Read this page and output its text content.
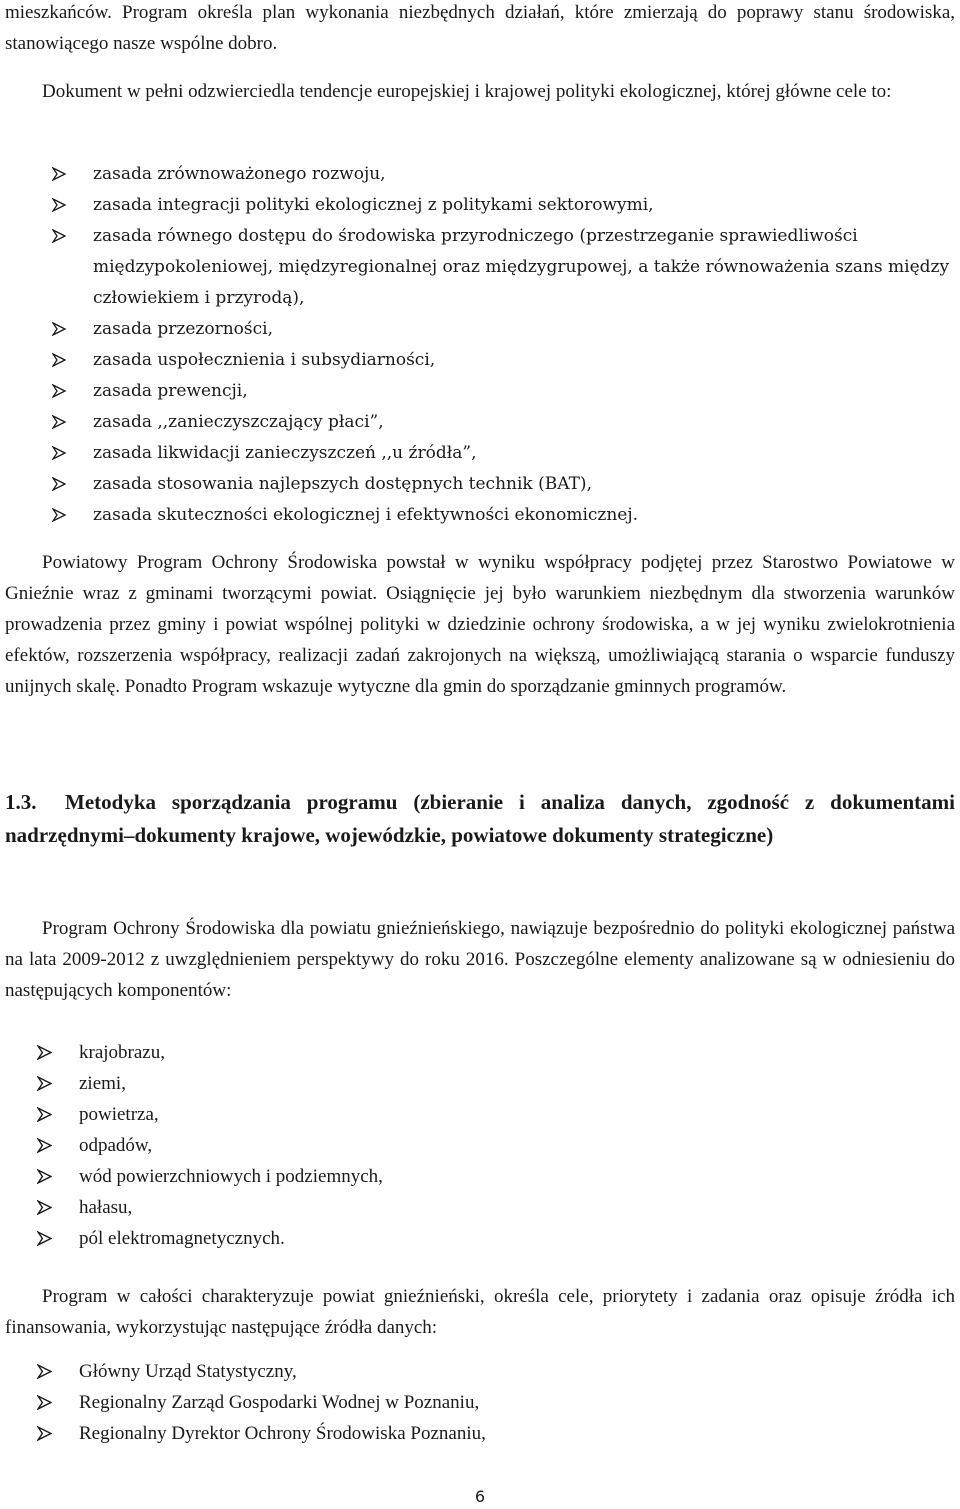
mieszkańców. Program określa plan wykonania niezbędnych działań, które zmierzają do poprawy stanu środowiska, stanowiącego nasze wspólne dobro.

Dokument w pełni odzwierciedla tendencje europejskiej i krajowej polityki ekologicznej, której główne cele to:

zasada zrównoważonego rozwoju,
zasada integracji polityki ekologicznej z politykami sektorowymi,
zasada równego dostępu do środowiska przyrodniczego (przestrzeganie sprawiedliwości międzypokoleniowej, międzyregionalnej oraz międzygrupowej, a także równoważenia szans między człowiekiem i przyrodą),
zasada przezorności,
zasada uspołecznienia i subsydiarności,
zasada prewencji,
zasada ,,zanieczyszczający płaci”,
zasada likwidacji zanieczyszczeń ,,u źródła”,
zasada stosowania najlepszych dostępnych technik (BAT),
zasada skuteczności ekologicznej i efektywności ekonomicznej.

Powiatowy Program Ochrony Środowiska powstał w wyniku współpracy podjętej przez Starostwo Powiatowe w Gnieźnie wraz z gminami tworzącymi powiat. Osiągnięcie jej było warunkiem niezbędnym dla stworzenia warunków prowadzenia przez gminy i powiat wspólnej polityki w dziedzinie ochrony środowiska, a w jej wyniku zwielokrotnienia efektów, rozszerzenia współpracy, realizacji zadań zakrojonych na większą, umożliwiającą starania o wsparcie funduszy unijnych skalę. Ponadto Program wskazuje wytyczne dla gmin do sporządzanie gminnych programów.

1.3. Metodyka sporządzania programu (zbieranie i analiza danych, zgodność z dokumentami nadrzędnymi–dokumenty krajowe, wojewódzkie, powiatowe dokumenty strategiczne)

Program Ochrony Środowiska dla powiatu gnieźnieńskiego, nawiązuje bezpośrednio do polityki ekologicznej państwa na lata 2009-2012 z uwzględnieniem perspektywy do roku 2016. Poszczególne elementy analizowane są w odniesieniu do następujących komponentów:

krajobrazu,
ziemi,
powietrza,
odpadów,
wód powierzchniowych i podziemnych,
hałasu,
pól elektromagnetycznych.

Program w całości charakteryzuje powiat gnieźnieński, określa cele, priorytety i zadania oraz opisuje źródła ich finansowania, wykorzystując następujące źródła danych:

Główny Urząd Statystyczny,
Regionalny Zarząd Gospodarki Wodnej w Poznaniu,
Regionalny Dyrektor Ochrony Środowiska Poznaniu,
6
